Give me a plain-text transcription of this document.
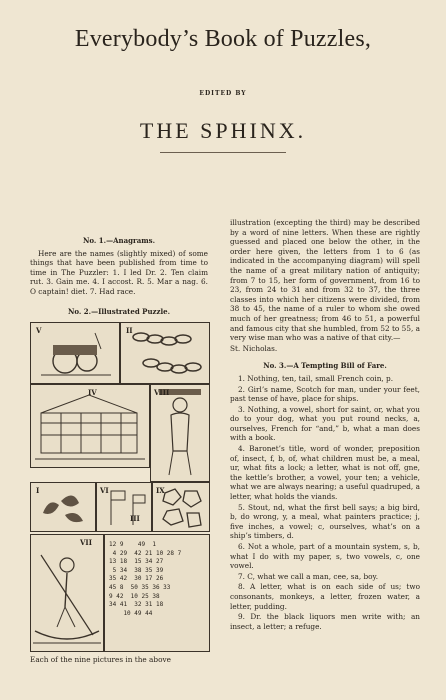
Everybody’s Book of Puzzles,
EDITED BY
THE SPHINX.
No. 1.—Anagrams.
Here are the names (slightly mixed) of some things that have been published from time to time in The Puzzler: 1. I led Dr. 2. Ten claim rut. 3. Gain me. 4. I accost. R. 5. Mar a nag. 6. O captain! diet. 7. Had race.
No. 2.—Illustrated Puzzle.
12 9    49  1
4 29  42 21 10 28 7
13 18  15 34 27
5 34  38 35 39
35 42  30 17 26
45 8  50 35 36 33
9 42  10 25 38
34 41  32 31 18
10 49 44
V	II
IV	VIII
I
III
IX
VI
VII
Each of the nine pictures in the above
illustration (excepting the third) may be described by a word of nine letters. When these are rightly guessed and placed one below the other, in the order here given, the letters from 1 to 6 (as indicated in the accompanying diagram) will spell the name of a great military nation of antiquity; from 7 to 15, her form of government, from 16 to 23, from 24 to 31 and from 32 to 37, the three classes into which her citizens were divided, from 38 to 45, the name of a ruler to whom she owed much of her greatness; from 46 to 51, a powerful and famous city that she humbled, from 52 to 55, a very wise man who was a native of that city.—
St. Nicholas.
No. 3.—A Tempting Bill of Fare.
1. Nothing, ten, tail, small French coin, p.
2. Girl’s name, Scotch for man, under your feet, past tense of have, place for ships.
3. Nothing, a vowel, short for saint, or, what you do to your dog, what you put round necks, a, ourselves, French for “and,” b, what a man does with a book.
4. Baronet’s title, word of wonder, preposition of, insect, f, b, of, what children must be, a meal, ur, what fits a lock; a letter, what is not off, gne, the kettle’s brother, a vowel, your ten; a vehicle, what we are always nearing; a useful quadruped, a letter, what holds the viands.
5. Stout, nd, what the first bell says; a big bird, b, do wrong, y, a meal, what painters practice; j, five inches, a vowel; c, ourselves, what’s on a ship’s timbers, d.
6. Not a whole, part of a mountain system, s, b, what I do with my paper, s, two vowels, c, one vowel.
7. C, what we call a man, cee, sa, boy.
8. A letter, what is on each side of us; two consonants, monkeys, a letter, frozen water, a letter, pudding.
9. Dr. the black liquors men write with; an insect, a letter; a refuge.
